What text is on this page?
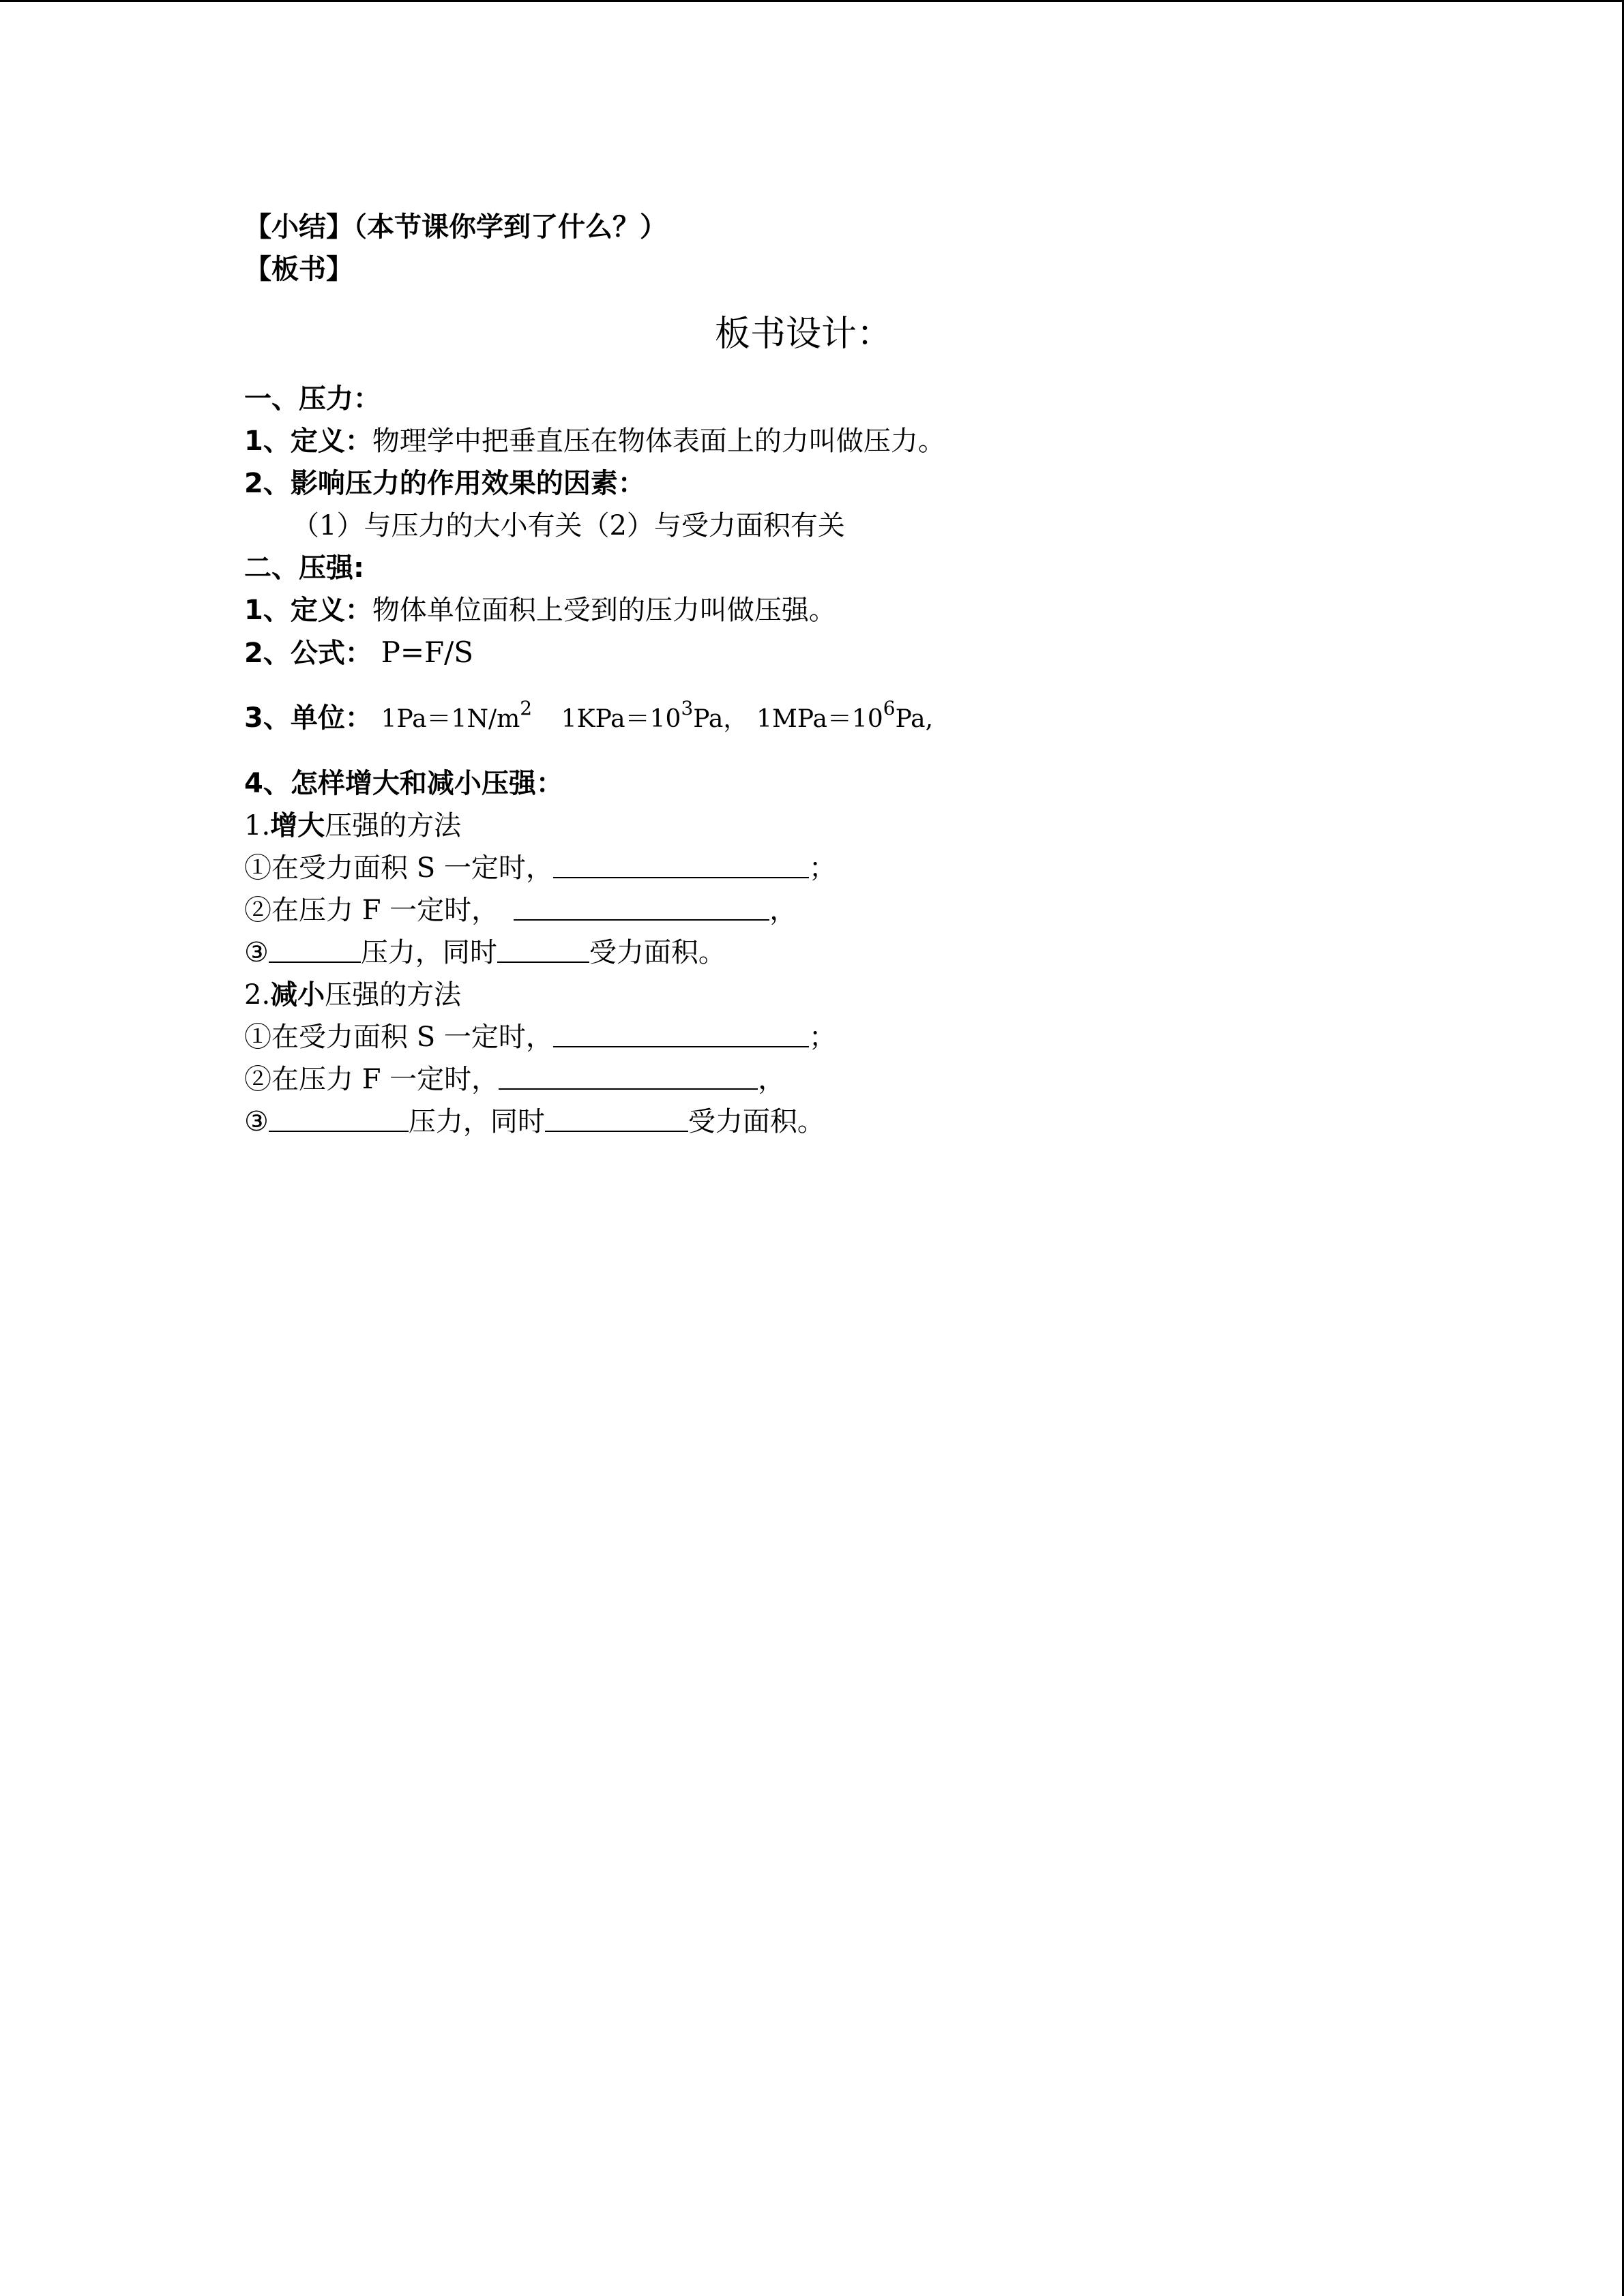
【小结】（本节课你学到了什么？）
【板书】
板书设计：
一、压力：
1、定义：物理学中把垂直压在物体表面上的力叫做压力。
2、影响压力的作用效果的因素：
（1）与压力的大小有关（2）与受力面积有关
二、压强:
1、定义：物体单位面积上受到的压力叫做压强。
2、公式： P=F/S
3、单位： $1Pa=1N/m^2$ $1KPa=10^3Pa$， $1MPa=10^6Pa$,
4、怎样增大和减小压强：
1.增大压强的方法
①在受力面积 S 一定时，	；
②在压力 F 一定时，	，
③	压力，同时	受力面积。
2.减小压强的方法
①在受力面积 S 一定时，	；
②在压力 F 一定时，	，
③	压力，同时	受力面积。
